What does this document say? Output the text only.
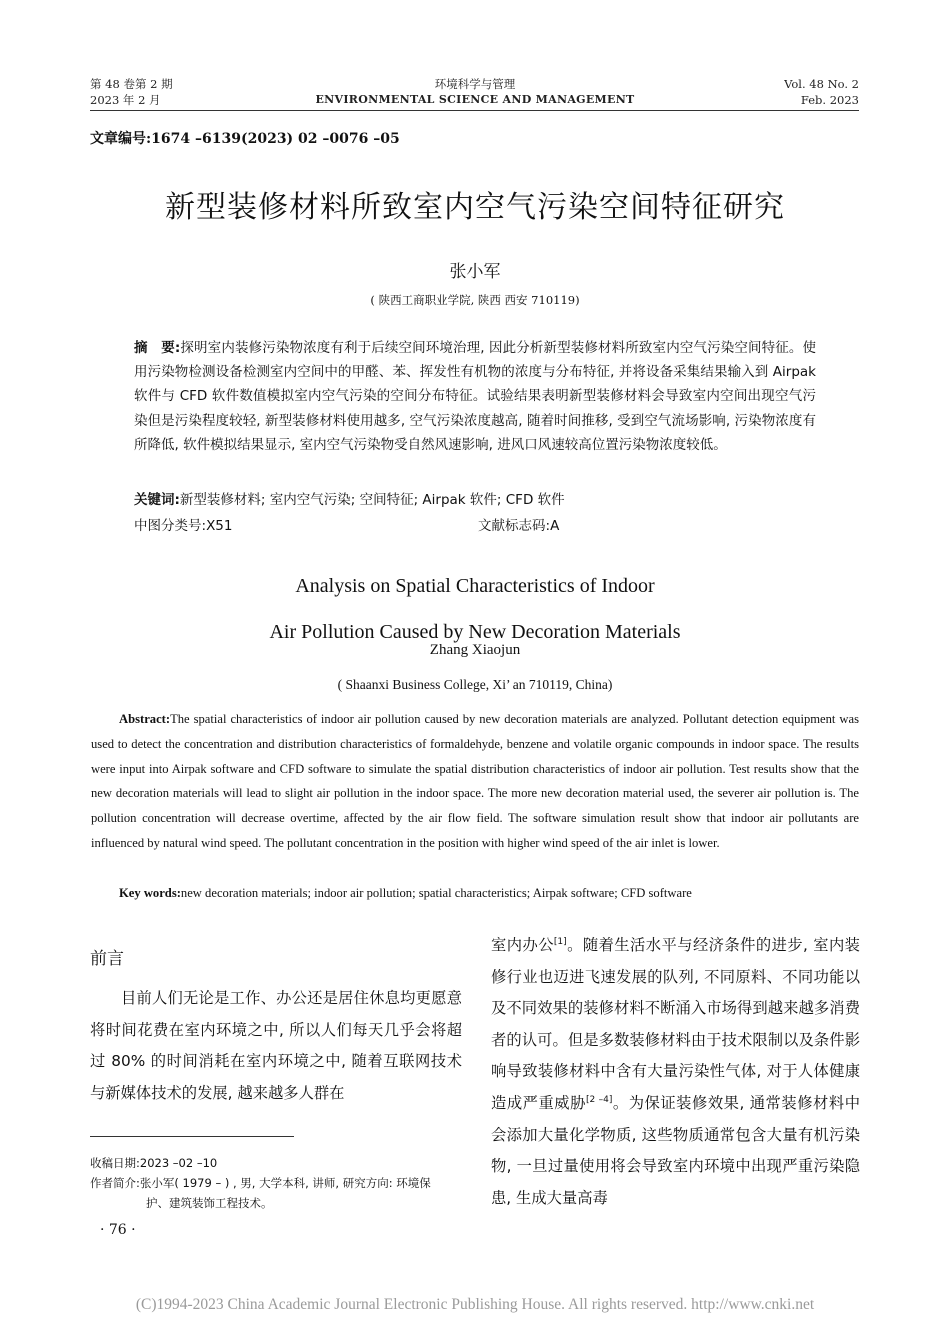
第 48 卷第 2 期
2023 年 2 月
环境科学与管理
ENVIRONMENTAL SCIENCE AND MANAGEMENT
Vol. 48 No. 2
Feb. 2023
文章编号:1674 –6139(2023) 02 –0076 –05
新型装修材料所致室内空气污染空间特征研究
张小军
( 陕西工商职业学院, 陕西 西安 710119)
摘　要:探明室内装修污染物浓度有利于后续空间环境治理, 因此分析新型装修材料所致室内空气污染空间特征。使用污染物检测设备检测室内空间中的甲醛、苯、挥发性有机物的浓度与分布特征, 并将设备采集结果输入到 Airpak 软件与 CFD 软件数值模拟室内空气污染的空间分布特征。试验结果表明新型装修材料会导致室内空间出现空气污染但是污染程度较轻, 新型装修材料使用越多, 空气污染浓度越高, 随着时间推移, 受到空气流场影响, 污染物浓度有所降低, 软件模拟结果显示, 室内空气污染物受自然风速影响, 进风口风速较高位置污染物浓度较低。
关键词:新型装修材料; 室内空气污染; 空间特征; Airpak 软件; CFD 软件
中图分类号:X51	文献标志码:A
Analysis on Spatial Characteristics of Indoor
Air Pollution Caused by New Decoration Materials
Zhang Xiaojun
( Shaanxi Business College, Xi’ an 710119, China)
Abstract:The spatial characteristics of indoor air pollution caused by new decoration materials are analyzed. Pollutant detection equipment was used to detect the concentration and distribution characteristics of formaldehyde, benzene and volatile organic compounds in indoor space. The results were input into Airpak software and CFD software to simulate the spatial distribution characteristics of indoor air pollution. Test results show that the new decoration materials will lead to slight air pollution in the indoor space. The more new decoration material used, the severer air pollution is. The pollution concentration will decrease overtime, affected by the air flow field. The software simulation result show that indoor air pollutants are influenced by natural wind speed. The pollutant concentration in the position with higher wind speed of the air inlet is lower.
Key words:new decoration materials; indoor air pollution; spatial characteristics; Airpak software; CFD software
前言
目前人们无论是工作、办公还是居住休息均更愿意将时间花费在室内环境之中, 所以人们每天几乎会将超过 80% 的时间消耗在室内环境之中, 随着互联网技术与新媒体技术的发展, 越来越多人群在
室内办公[1]。随着生活水平与经济条件的进步, 室内装修行业也迈进飞速发展的队列, 不同原料、不同功能以及不同效果的装修材料不断涌入市场得到越来越多消费者的认可。但是多数装修材料由于技术限制以及条件影响导致装修材料中含有大量污染性气体, 对于人体健康造成严重威胁[2 –4]。为保证装修效果, 通常装修材料中会添加大量化学物质, 这些物质通常包含大量有机污染物, 一旦过量使用将会导致室内环境中出现严重污染隐患, 生成大量高毒
收稿日期:2023 –02 –10
作者简介:张小军( 1979 – ) , 男, 大学本科, 讲师, 研究方向: 环境保
护、建筑装饰工程技术。
· 76 ·
(C)1994-2023 China Academic Journal Electronic Publishing House. All rights reserved. http://www.cnki.net
